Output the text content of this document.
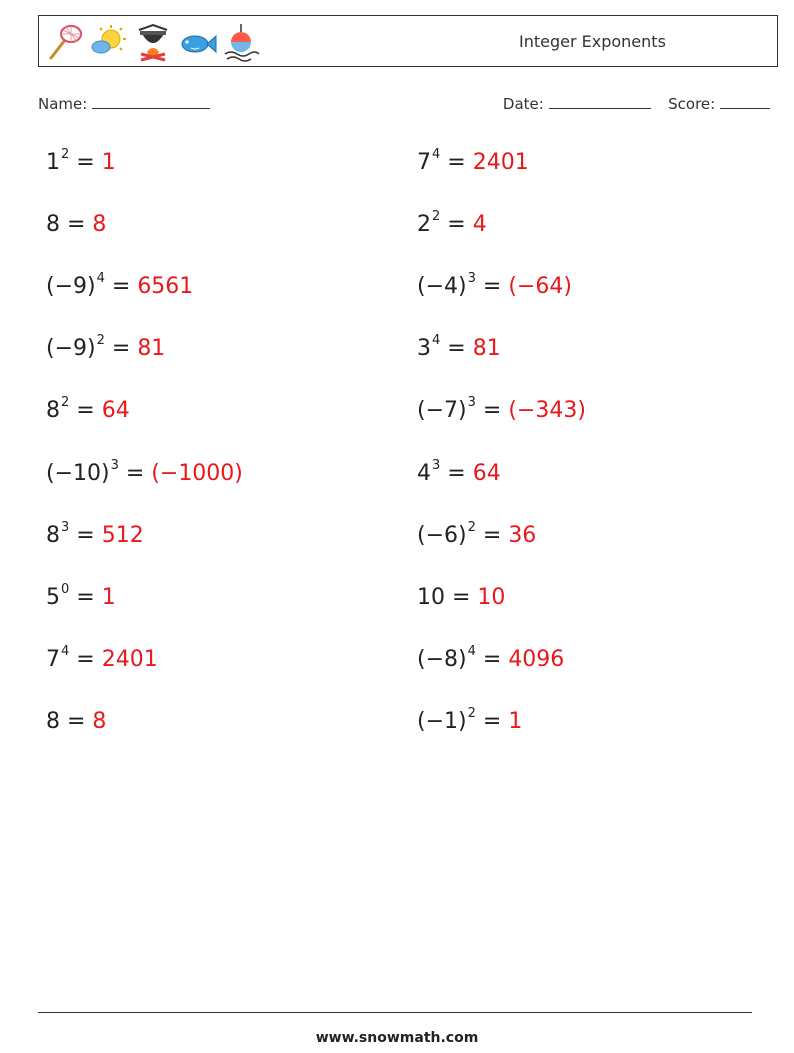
Integer Exponents
Name:	Date:	Score:
$1^2 = 1$	$7^4 = 2401$
8 = 8	$2^2 = 4$
$(-9)^4 = 6561$	$(-4)^3 = (-64)$
$(-9)^2 = 81$	$3^4 = 81$
$8^2 = 64$	$(-7)^3 = (-343)$
$(-10)^3 = (-1000)$	$4^3 = 64$
$8^3 = 512$	$(-6)^2 = 36$
$5^0 = 1$	10 = 10
$7^4 = 2401$	$(-8)^4 = 4096$
8 = 8	$(-1)^2 = 1$
www.snowmath.com
